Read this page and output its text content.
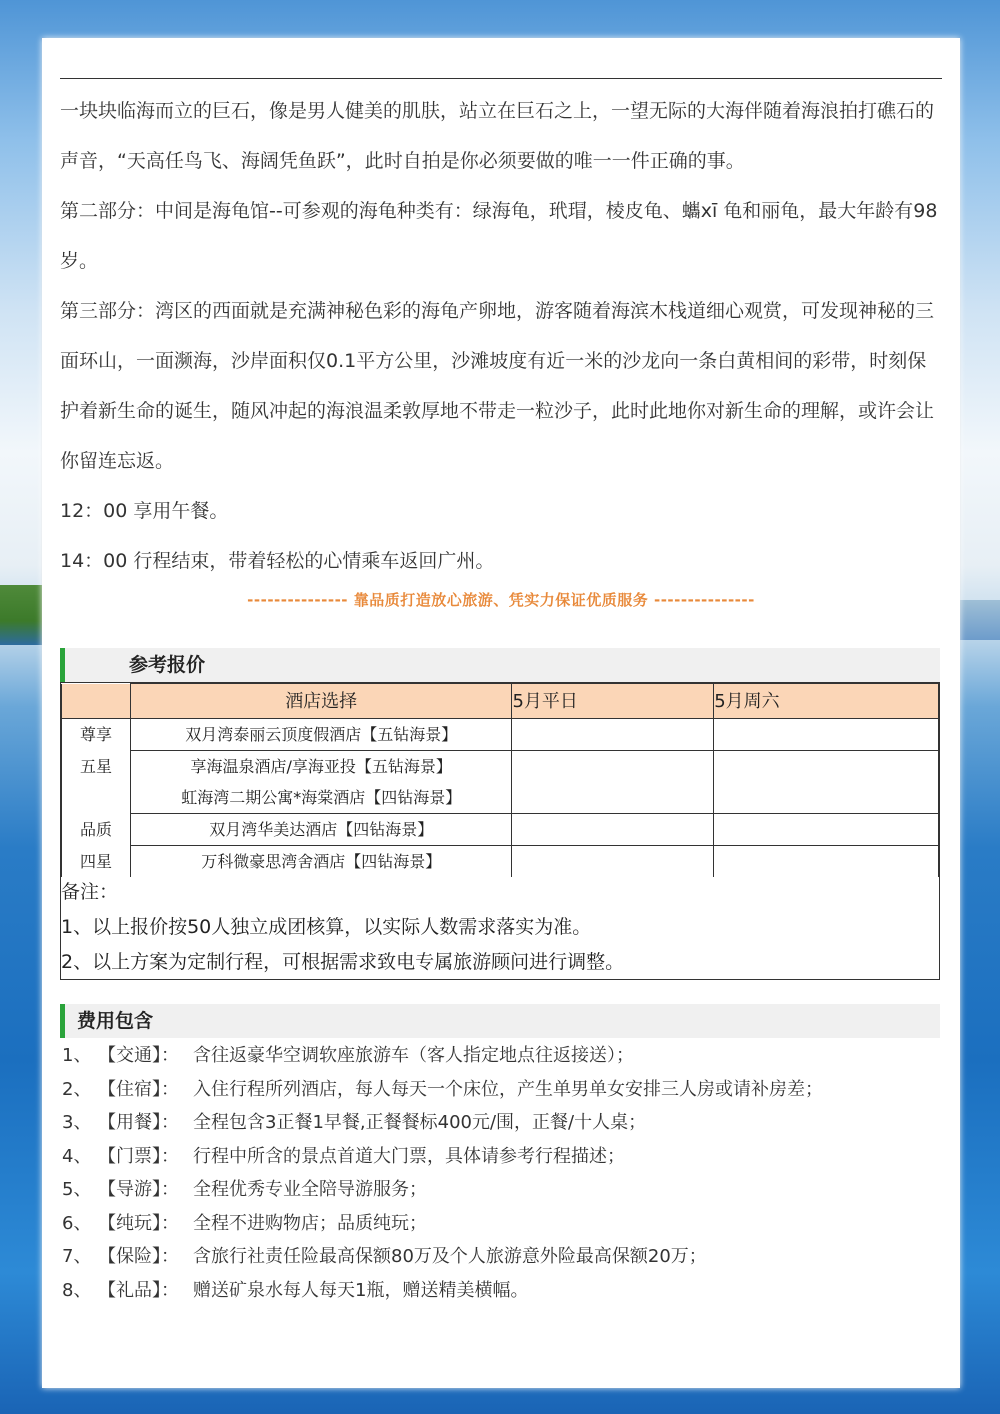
一块块临海而立的巨石，像是男人健美的肌肤，站立在巨石之上，一望无际的大海伴随着海浪拍打礁石的声音，“天高任鸟飞、海阔凭鱼跃”，此时自拍是你必须要做的唯一一件正确的事。

第二部分：中间是海龟馆--可参观的海龟种类有：绿海龟，玳瑁，棱皮龟、蠵xī 龟和丽龟，最大年龄有98岁。

第三部分：湾区的西面就是充满神秘色彩的海龟产卵地，游客随着海滨木栈道细心观赏，可发现神秘的三面环山，一面濒海，沙岸面积仅0.1平方公里，沙滩坡度有近一米的沙龙向一条白黄相间的彩带，时刻保护着新生命的诞生，随风冲起的海浪温柔敦厚地不带走一粒沙子，此时此地你对新生命的理解，或许会让你留连忘返。

12：00 享用午餐。

14：00 行程结束，带着轻松的心情乘车返回广州。

--------------- 靠品质打造放心旅游、凭实力保证优质服务 ---------------
参考报价
	酒店选择	5月平日	5月周六
尊享	双月湾泰丽云顶度假酒店【五钻海景】		
五星	享海温泉酒店/享海亚投【五钻海景】		
	虹海湾二期公寓*海棠酒店【四钻海景】		
品质	双月湾华美达酒店【四钻海景】		
四星	万科微豪思湾舍酒店【四钻海景】		
备注：
1、以上报价按50人独立成团核算，以实际人数需求落实为准。
2、以上方案为定制行程，可根据需求致电专属旅游顾问进行调整。
费用包含
1、 【交通】： 含往返豪华空调软座旅游车（客人指定地点往返接送）；
2、 【住宿】： 入住行程所列酒店，每人每天一个床位，产生单男单女安排三人房或请补房差；
3、 【用餐】： 全程包含3正餐1早餐,正餐餐标400元/围，正餐/十人桌；
4、 【门票】： 行程中所含的景点首道大门票，具体请参考行程描述；
5、 【导游】： 全程优秀专业全陪导游服务；
6、 【纯玩】： 全程不进购物店；品质纯玩；
7、 【保险】： 含旅行社责任险最高保额80万及个人旅游意外险最高保额20万；
8、 【礼品】： 赠送矿泉水每人每天1瓶，赠送精美横幅。
